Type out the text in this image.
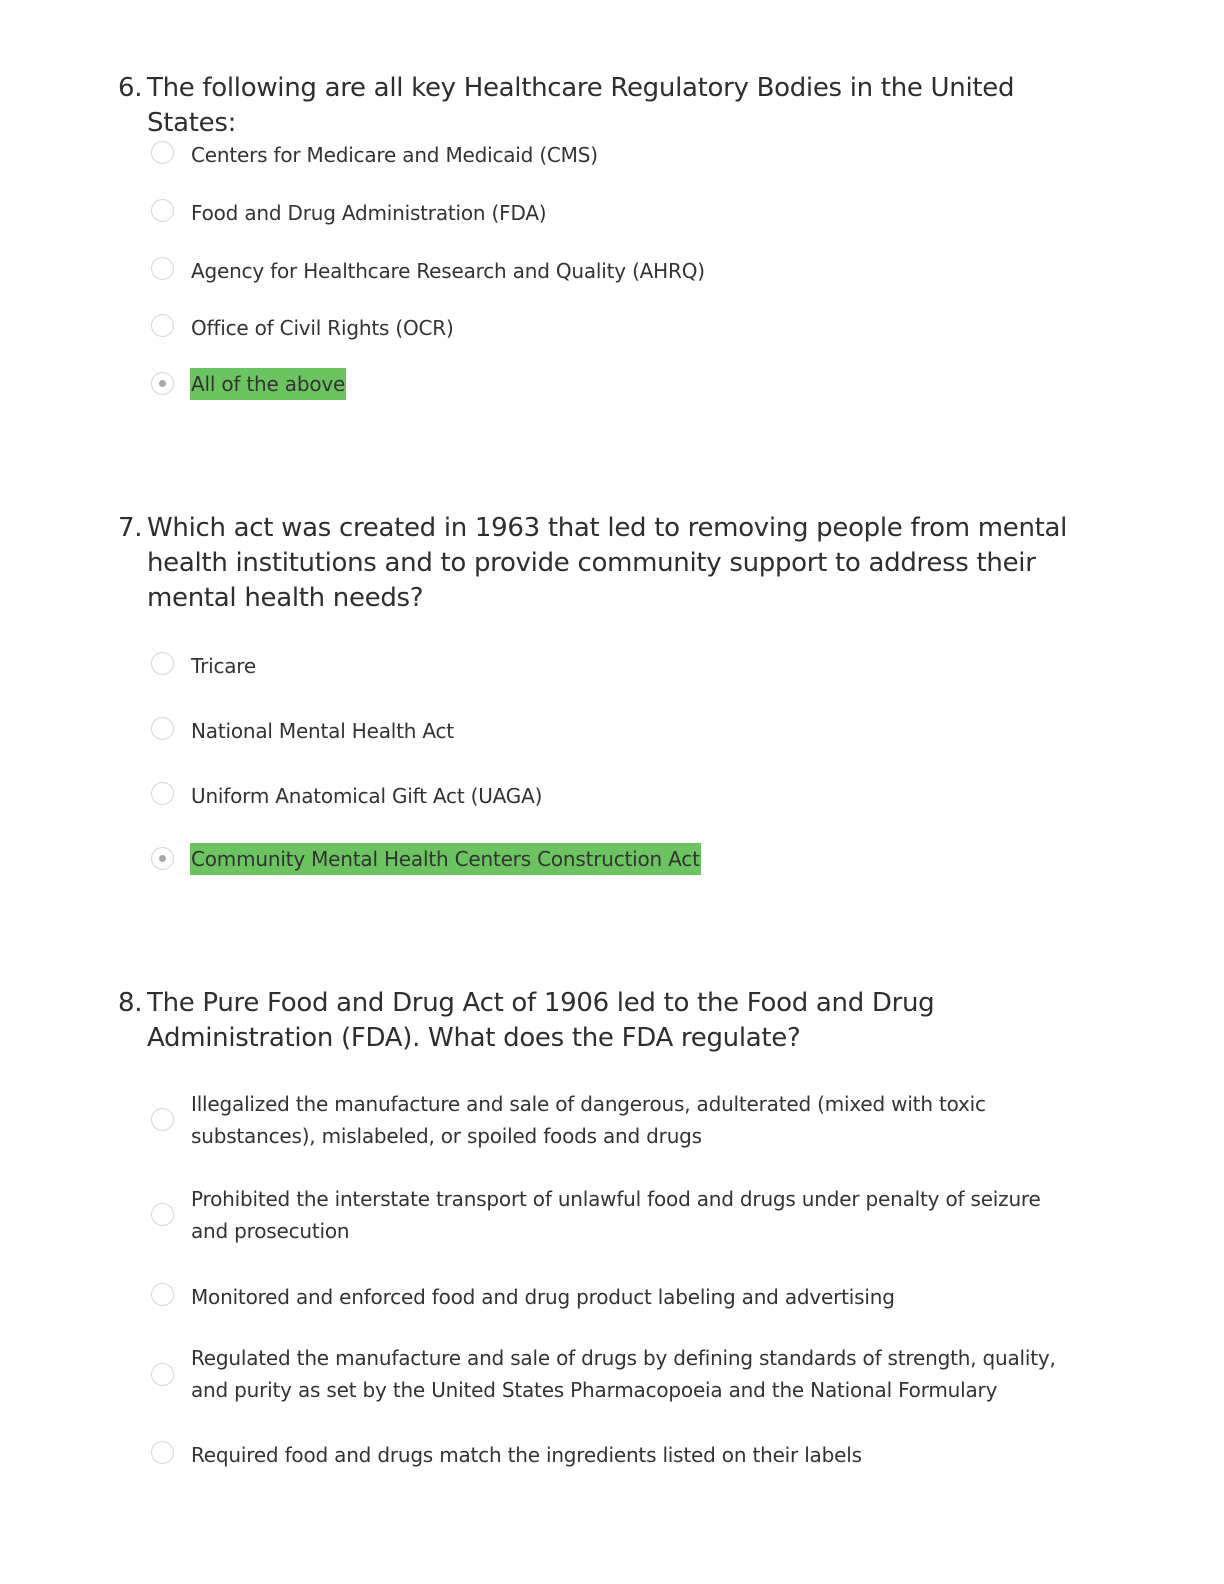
6. The following are all key Healthcare Regulatory Bodies in the United States:
Centers for Medicare and Medicaid (CMS)
Food and Drug Administration (FDA)
Agency for Healthcare Research and Quality (AHRQ)
Office of Civil Rights (OCR)
All of the above
7. Which act was created in 1963 that led to removing people from mental health institutions and to provide community support to address their mental health needs?
Tricare
National Mental Health Act
Uniform Anatomical Gift Act (UAGA)
Community Mental Health Centers Construction Act
8. The Pure Food and Drug Act of 1906 led to the Food and Drug Administration (FDA). What does the FDA regulate?
Illegalized the manufacture and sale of dangerous, adulterated (mixed with toxic substances), mislabeled, or spoiled foods and drugs
Prohibited the interstate transport of unlawful food and drugs under penalty of seizure and prosecution
Monitored and enforced food and drug product labeling and advertising
Regulated the manufacture and sale of drugs by defining standards of strength, quality, and purity as set by the United States Pharmacopoeia and the National Formulary
Required food and drugs match the ingredients listed on their labels
